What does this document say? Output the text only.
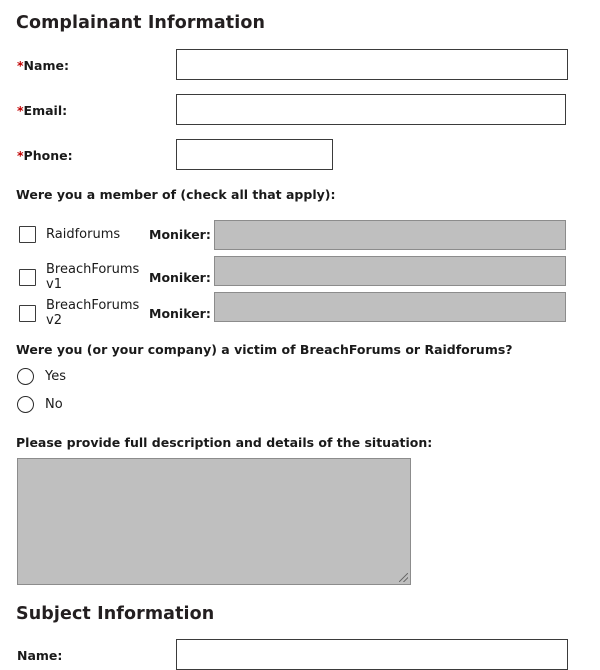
Complainant Information
*Name:
*Email:
*Phone:
Were you a member of (check all that apply):
Raidforums	Moniker:
BreachForums v1	Moniker:
BreachForums v2	Moniker:
Were you (or your company) a victim of BreachForums or Raidforums?
Yes
No
Please provide full description and details of the situation:
Subject Information
Name:
